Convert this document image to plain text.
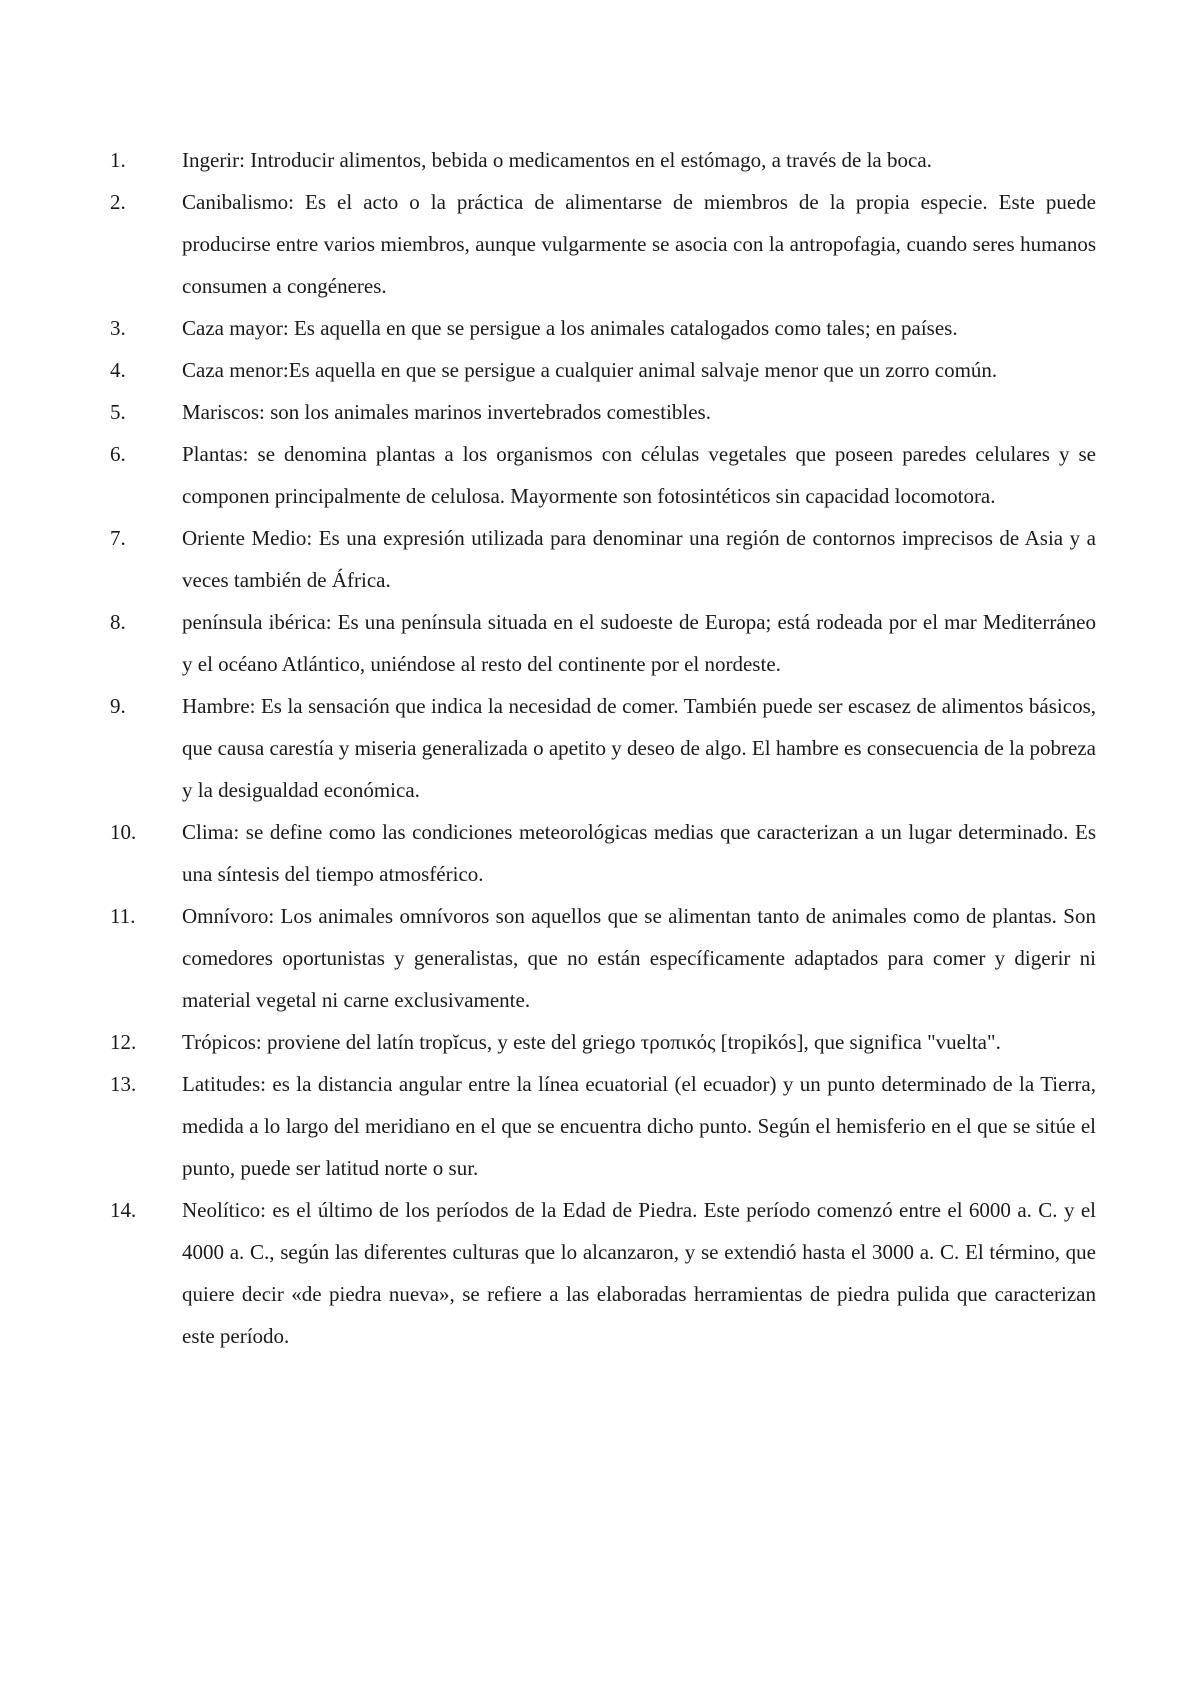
1.	Ingerir: Introducir alimentos, bebida o medicamentos en el estómago, a través de la boca.
2.	Canibalismo: Es el acto o la práctica de alimentarse de miembros de la propia especie. Este puede producirse entre varios miembros, aunque vulgarmente se asocia con la antropofagia, cuando seres humanos consumen a congéneres.
3.	Caza mayor: Es aquella en que se persigue a los animales catalogados como tales; en países.
4.	Caza menor:Es aquella en que se persigue a cualquier animal salvaje menor que un zorro común.
5.	Mariscos: son los animales marinos invertebrados comestibles.
6.	Plantas: se denomina plantas a los organismos con células vegetales que poseen paredes celulares y se componen principalmente de celulosa. Mayormente son fotosintéticos sin capacidad locomotora.
7.	Oriente Medio: Es una expresión utilizada para denominar una región de contornos imprecisos de Asia y a veces también de África.
8.	península ibérica: Es una península situada en el sudoeste de Europa; está rodeada por el mar Mediterráneo y el océano Atlántico, uniéndose al resto del continente por el nordeste.
9.	Hambre: Es la sensación que indica la necesidad de comer. También puede ser escasez de alimentos básicos, que causa carestía y miseria generalizada o apetito y deseo de algo. El hambre es consecuencia de la pobreza y la desigualdad económica.
10.	Clima: se define como las condiciones meteorológicas medias que caracterizan a un lugar determinado. Es una síntesis del tiempo atmosférico.
11.	Omnívoro: Los animales omnívoros son aquellos que se alimentan tanto de animales como de plantas. Son comedores oportunistas y generalistas, que no están específicamente adaptados para comer y digerir ni material vegetal ni carne exclusivamente.
12.	Trópicos: proviene del latín tropĭcus, y este del griego τροπικός [tropikós], que significa "vuelta".
13.	Latitudes: es la distancia angular entre la línea ecuatorial (el ecuador) y un punto determinado de la Tierra, medida a lo largo del meridiano en el que se encuentra dicho punto. Según el hemisferio en el que se sitúe el punto, puede ser latitud norte o sur.
14.	Neolítico: es el último de los períodos de la Edad de Piedra. Este período comenzó entre el 6000 a. C. y el 4000 a. C., según las diferentes culturas que lo alcanzaron, y se extendió hasta el 3000 a. C. El término, que quiere decir «de piedra nueva», se refiere a las elaboradas herramientas de piedra pulida que caracterizan este período.
